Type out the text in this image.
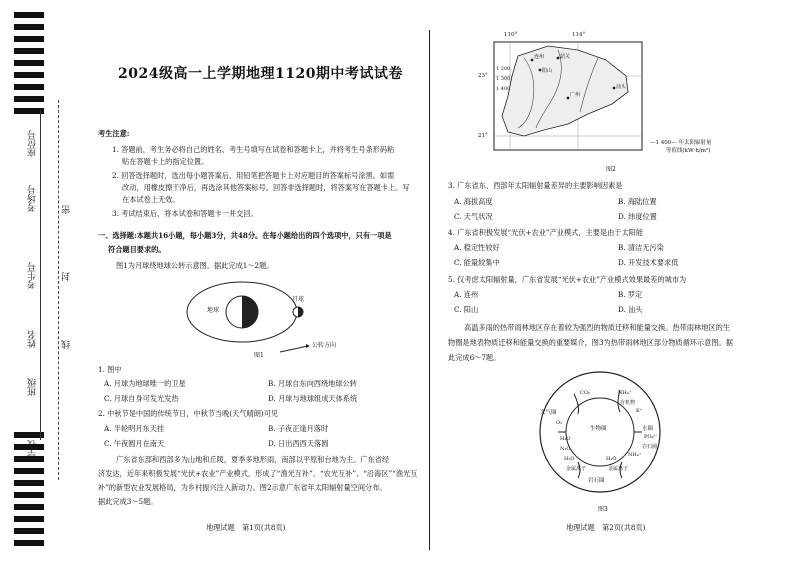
座位号
考场号
考生号
姓名
班级
学校
密
封
线
2024级高一上学期地理1120期中考试试卷
考生注意:
1. 答题前，考生务必将自己的姓名、考生号填写在试卷和答题卡上，并将考生号条形码粘
贴在答题卡上的指定位置。
2. 回答选择题时，选出每小题答案后，用铅笔把答题卡上对应题目的答案标号涂黑。如需
改动，用橡皮擦干净后，再选涂其他答案标号。回答非选择题时，将答案写在答题卡上。写
在本试卷上无效。
3. 考试结束后，将本试卷和答题卡一并交回。
一、选择题:本题共16小题，每小题3分，共48分。在每小题给出的四个选项中，只有一项是
符合题目要求的。
图1为月球绕地球公转示意图。据此完成1～2题。
地球
月球
公转方向
图1
1. 图中
A. 月球为地球唯一的卫星	B. 月球自东向西绕地球公转
C. 月球自身可发光发热	D. 月球与地球组成天体系统
2. 中秋节是中国的传统节日，中秋节当晚(天气晴朗)可见
A. 半轮明月东天挂	B. 子夜正逢月落时
C. 午夜圆月在南天	D. 日出西西天落圆
广东省东部和西部多为山地和丘陵，夏季多地形雨，南部以平原和台地为主。广东省经
济发达，近年来积极发展“光伏+农业”产业模式，形成了“渔光互补”、“农光互补”、“沿海区”“渔光互
补”的新型农业发展格局，为乡村振兴注入新动力。图2示意广东省年太阳辐射量空间分布。
据此完成3～5题。
地理试题　第1页(共8页)
110°	114°
23°
21°
1 200
1 300
1 400
连州	韶关
广州
汕头
阳山
—1 400— 年太阳辐射量
等值线(kW·h/m²)
图2
3. 广东省东、西部年太阳辐射量差异的主要影响因素是
A. 海拔高度	B. 海陆位置
C. 天气状况	D. 纬度位置
4. 广东省积极发展“光伏+农业”产业模式，主要是由于太阳能
A. 稳定性较好	B. 清洁无污染
C. 能量较集中	D. 开发技术要求低
5. 仅考虑太阳辐射量，广东省发展“光伏+农业”产业模式效果最差的城市为
A. 连州	B. 罗定
C. 阳山	D. 汕头
高温多雨的热带雨林地区存在着较为强烈的物质迁移和能量交换。热带雨林地区的生
物圈是地表物质迁移和能量交换的重要媒介，图3为热带雨林地区部分物质循环示意图。据
此完成6～7题。
生物圈
大气圈
水圈
岩石圈
CO₂
O₂
NH₄⁺
H₂O	PO₄³⁻
K⁺
NH₄⁺
H₂O
H₂O
N₂O
金属离子	金属离子
有机物
岩石圈
图3
地理试题　第2页(共8页)
